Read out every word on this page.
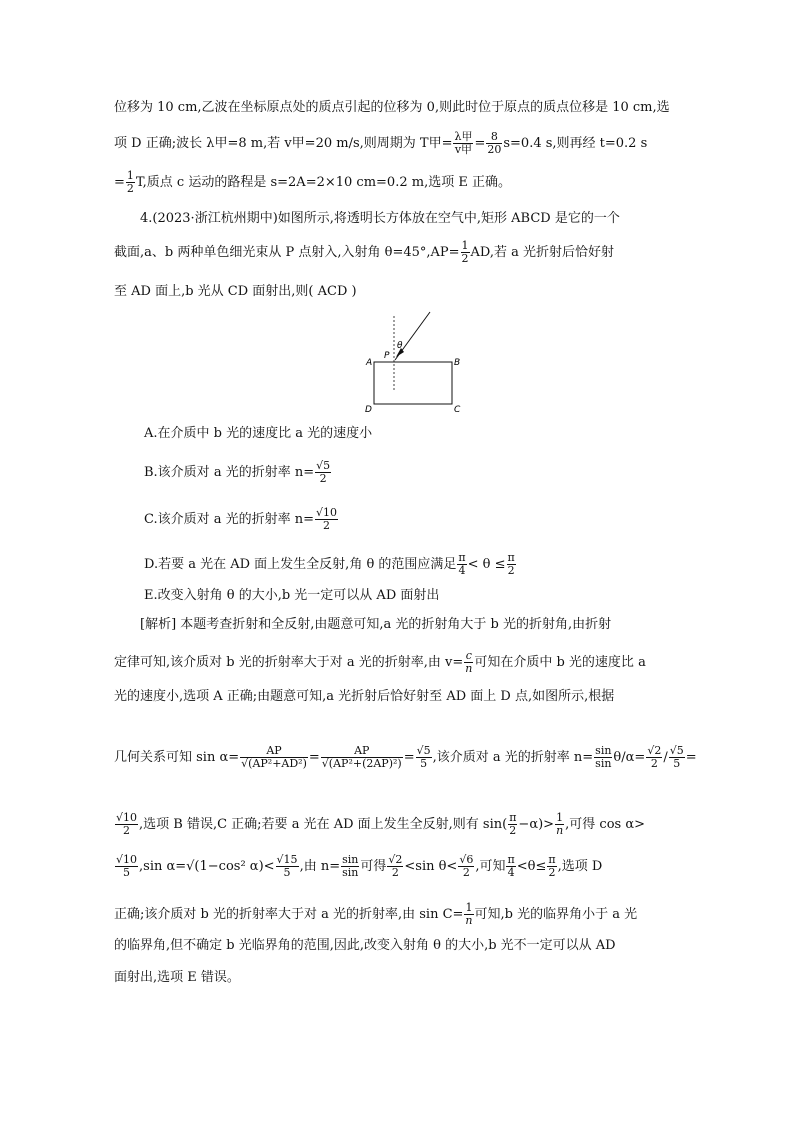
位移为 10 cm,乙波在坐标原点处的质点引起的位移为 0,则此时位于原点的质点位移是 10 cm,选
项 D 正确;波长 λ甲=8 m,若 v甲=20 m/s,则周期为 T甲= $\frac{\text{λ甲}}{\text{v甲}} = \frac{8}{20} s=0.4$ s,则再经 t=0.2 s
= $\frac{1}{2} T$,质点 c 运动的路程是 s=2A=2×10 cm=0.2 m,选项 E 正确。
4.(2023·浙江杭州期中)如图所示,将透明长方体放在空气中,矩形 ABCD 是它的一个
截面,a、b 两种单色细光束从 P 点射入,入射角 $\theta=45^\circ,AP= \frac{1}{2}$ AD,若 a 光折射后恰好射
至 AD 面上,b 光从 CD 面射出,则( ACD )
A	B
C
D
P
θ
A.在介质中 b 光的速度比 a 光的速度小
B.该介质对 a 光的折射率 $n= \frac{√5}{2}$
C.该介质对 a 光的折射率 $n= \frac{√10}{2}$
D.若要 a 光在 AD 面上发生全反射,角 θ 的范围应满足 $\frac{\pi}{4} < \theta \le \frac{\pi}{2}$
E.改变入射角 θ 的大小,b 光一定可以从 AD 面射出
[解析] 本题考查折射和全反射,由题意可知,a 光的折射角大于 b 光的折射角,由折射
定律可知,该介质对 b 光的折射率大于对 a 光的折射率,由 $v= \frac{c}{n}$ 可知在介质中 b 光的速度比 a
光的速度小,选项 A 正确;由题意可知,a 光折射后恰好射至 AD 面上 D 点,如图所示,根据
几何关系可知 $\sin \alpha= \frac{AP}{\text{√(AP²+AD²)}} = \frac{AP}{\text{√(AP²+(2AP)²)}} = \frac{√5}{5}$ ,该介质对 a 光的折射率 $n= \frac{\sin}{\sin} \theta/\alpha= \frac{√2}{2} / \frac{√5}{5}$ =
$\frac{√10}{2}$ ,选项 B 错误,C 正确;若要 a 光在 AD 面上发生全反射,则有 $\sin( \frac{\pi}{2} -\alpha)> \frac{1}{n}$ ,可得 cos α>
$\frac{√10}{5} ,\sin$ α=√(1−cos² $\alpha)< \frac{√15}{5}$ ,由 $n= \frac{\sin}{\sin}$ 可得 $\frac{√2}{2} <\sin$ $\theta< \frac{√6}{2}$ ,可知 $\frac{\pi}{4} <\theta\le \frac{\pi}{2}$ ,选项 D
正确;该介质对 b 光的折射率大于对 a 光的折射率,由 $\sin C= \frac{1}{n}$ 可知,b 光的临界角小于 a 光
的临界角,但不确定 b 光临界角的范围,因此,改变入射角 θ 的大小,b 光不一定可以从 AD
面射出,选项 E 错误。
